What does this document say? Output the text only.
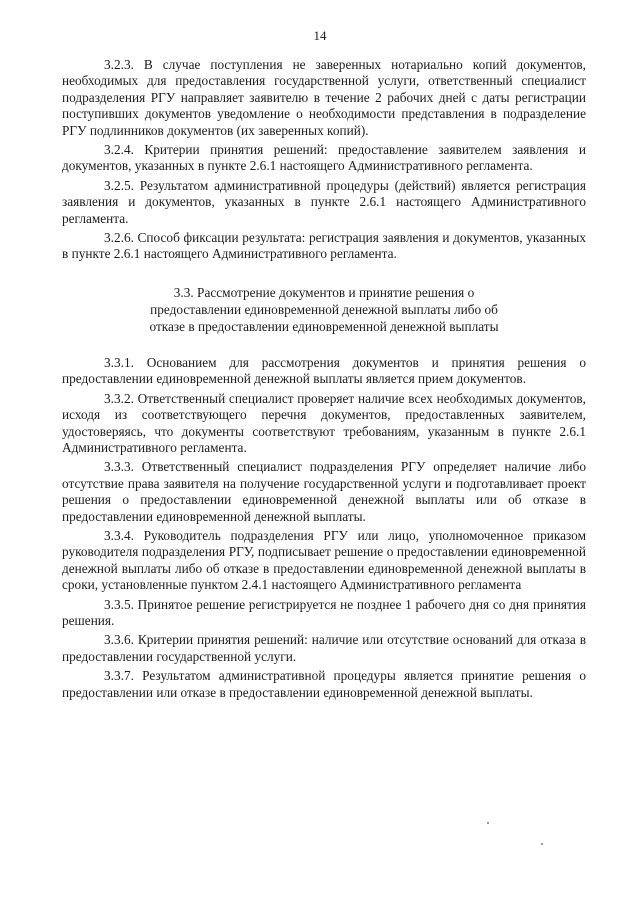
14

3.2.3. В случае поступления не заверенных нотариально копий документов, необходимых для предоставления государственной услуги, ответственный специалист подразделения РГУ направляет заявителю в течение 2 рабочих дней с даты регистрации поступивших документов уведомление о необходимости представления в подразделение РГУ подлинников документов (их заверенных копий).

3.2.4. Критерии принятия решений: предоставление заявителем заявления и документов, указанных в пункте 2.6.1 настоящего Административного регламента.

3.2.5. Результатом административной процедуры (действий) является регистрация заявления и документов, указанных в пункте 2.6.1 настоящего Административного регламента.

3.2.6. Способ фиксации результата: регистрация заявления и документов, указанных в пункте 2.6.1 настоящего Административного регламента.

3.3. Рассмотрение документов и принятие решения о
предоставлении единовременной денежной выплаты либо об
отказе в предоставлении единовременной денежной выплаты

3.3.1. Основанием для рассмотрения документов и принятия решения о предоставлении единовременной денежной выплаты является прием документов.

3.3.2. Ответственный специалист проверяет наличие всех необходимых документов, исходя из соответствующего перечня документов, предоставленных заявителем, удостоверяясь, что документы соответствуют требованиям, указанным в пункте 2.6.1 Административного регламента.

3.3.3. Ответственный специалист подразделения РГУ определяет наличие либо отсутствие права заявителя на получение государственной услуги и подготавливает проект решения о предоставлении единовременной денежной выплаты или об отказе в предоставлении единовременной денежной выплаты.

3.3.4. Руководитель подразделения РГУ или лицо, уполномоченное приказом руководителя подразделения РГУ, подписывает решение о предоставлении единовременной денежной выплаты либо об отказе в предоставлении единовременной денежной выплаты в сроки, установленные пунктом 2.4.1 настоящего Административного регламента

3.3.5. Принятое решение регистрируется не позднее 1 рабочего дня со дня принятия решения.

3.3.6. Критерии принятия решений: наличие или отсутствие оснований для отказа в предоставлении государственной услуги.

3.3.7. Результатом административной процедуры является принятие решения о предоставлении или отказе в предоставлении единовременной денежной выплаты.
